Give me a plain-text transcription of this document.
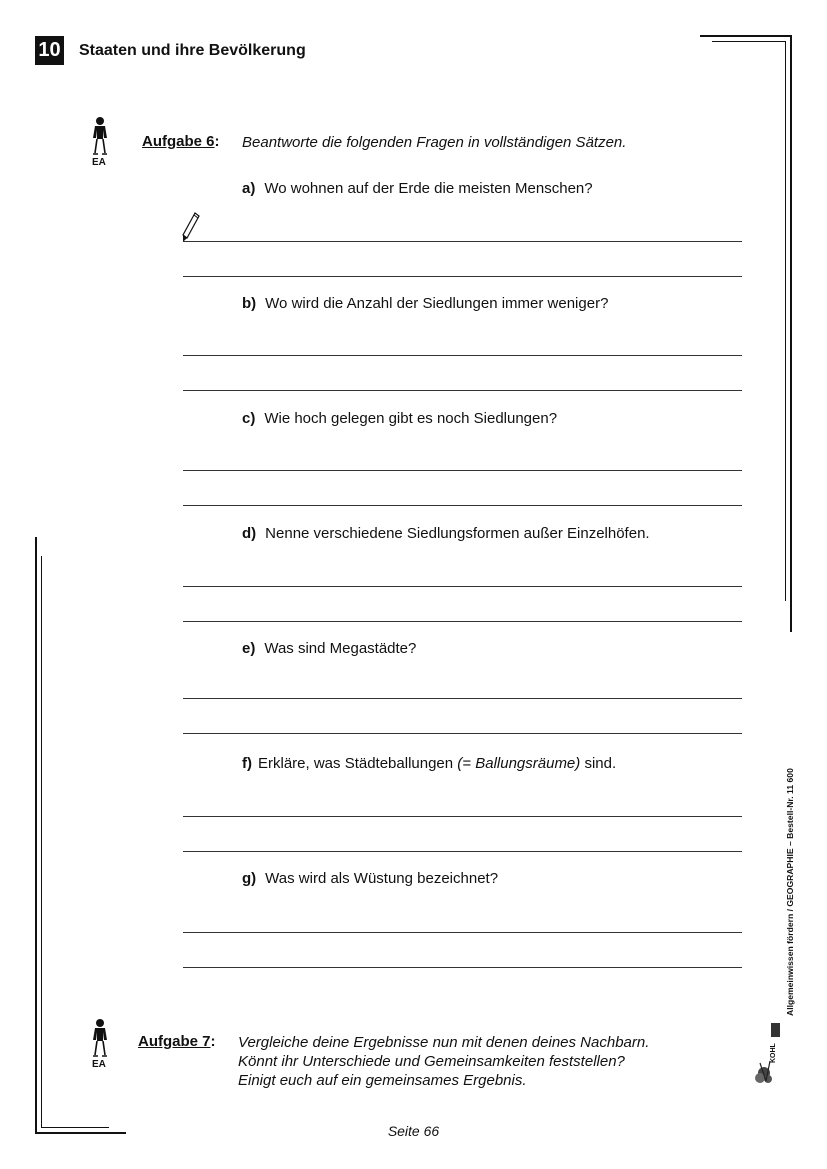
10 Staaten und ihre Bevölkerung
EA
Aufgabe 6: Beantworte die folgenden Fragen in vollständigen Sätzen.
a) Wo wohnen auf der Erde die meisten Menschen?
b) Wo wird die Anzahl der Siedlungen immer weniger?
c) Wie hoch gelegen gibt es noch Siedlungen?
d) Nenne verschiedene Siedlungsformen außer Einzelhöfen.
e) Was sind Megastädte?
f) Erkläre, was Städteballungen (= Ballungsräume) sind.
g) Was wird als Wüstung bezeichnet?
EA
Aufgabe 7: Vergleiche deine Ergebnisse nun mit denen deines Nachbarn.
Könnt ihr Unterschiede und Gemeinsamkeiten feststellen?
Einigt euch auf ein gemeinsames Ergebnis.
Allgemeinwissen fördern / GEOGRAPHIE – Bestell-Nr. 11 600
KOHL
Seite 66
